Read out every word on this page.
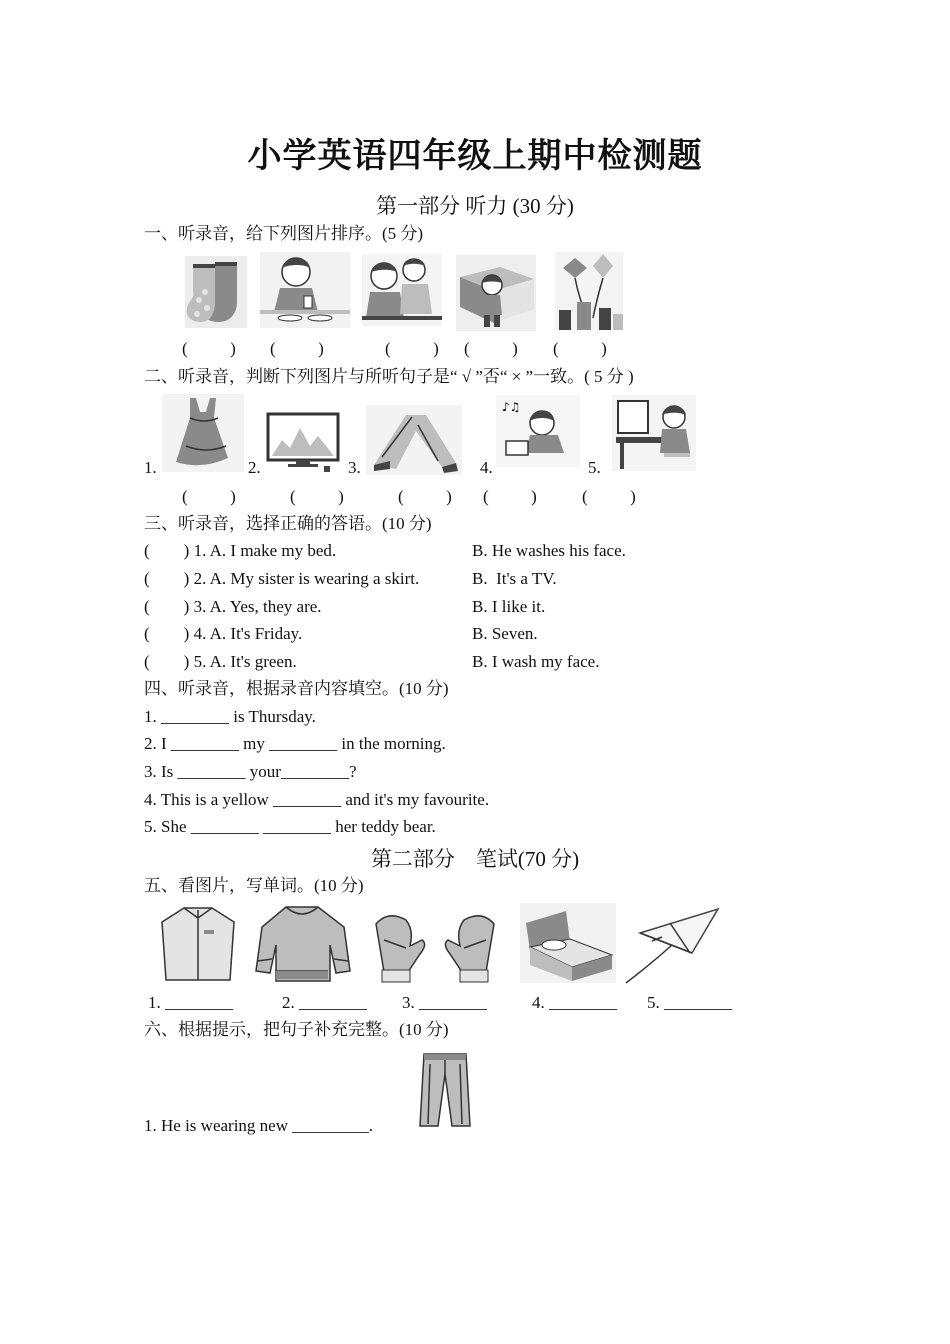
小学英语四年级上期中检测题
第一部分 听力 (30 分)
一、听录音，给下列图片排序。(5 分)
(          ) (          )	(          ) (          ) (          )
二、听录音，判断下列图片与所听句子是“ √ ”否“ × ”一致。( 5 分 )
1.	2.	3.	4.
♪♫
5.
(          )	(          )	(          ) (          )	(          )
三、听录音，选择正确的答语。(10 分)
(        ) 1. A. I make my bed.	B. He washes his face.
(        ) 2. A. My sister is wearing a skirt.	B.  It's a TV.
(        ) 3. A. Yes, they are.	B. I like it.
(        ) 4. A. It's Friday.	B. Seven.
(        ) 5. A. It's green.	B. I wash my face.
四、听录音，根据录音内容填空。(10 分)
1. ________ is Thursday.
2. I ________ my ________ in the morning.
3. Is ________ your________?
4. This is a yellow ________ and it's my favourite.
5. She ________ ________ her teddy bear.
第二部分    笔试(70 分)
五、看图片，写单词。(10 分)
1. ________	2. ________ 3. ________	4. ________ 5. ________
六、根据提示，把句子补充完整。(10 分)
1. He is wearing new _________.
